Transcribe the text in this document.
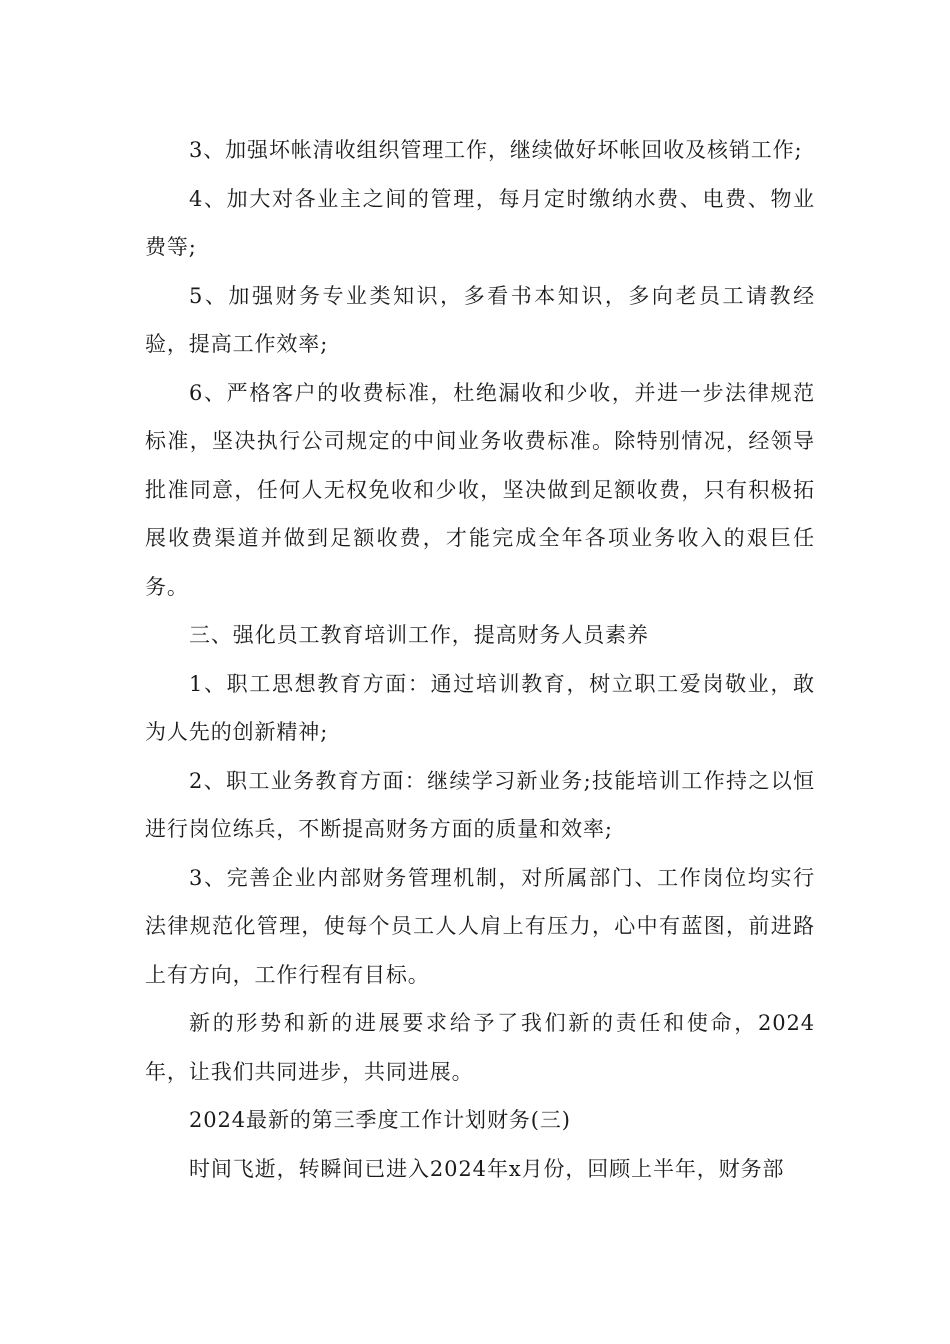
3、加强坏帐清收组织管理工作，继续做好坏帐回收及核销工作;

4、加大对各业主之间的管理，每月定时缴纳水费、电费、物业费等;

5、加强财务专业类知识，多看书本知识，多向老员工请教经验，提高工作效率;

6、严格客户的收费标准，杜绝漏收和少收，并进一步法律规范标准，坚决执行公司规定的中间业务收费标准。除特别情况，经领导批准同意，任何人无权免收和少收，坚决做到足额收费，只有积极拓展收费渠道并做到足额收费，才能完成全年各项业务收入的艰巨任务。

三、强化员工教育培训工作，提高财务人员素养

1、职工思想教育方面：通过培训教育，树立职工爱岗敬业，敢为人先的创新精神;

2、职工业务教育方面：继续学习新业务;技能培训工作持之以恒进行岗位练兵，不断提高财务方面的质量和效率;

3、完善企业内部财务管理机制，对所属部门、工作岗位均实行法律规范化管理，使每个员工人人肩上有压力，心中有蓝图，前进路上有方向，工作行程有目标。

新的形势和新的进展要求给予了我们新的责任和使命，2024年，让我们共同进步，共同进展。

2024最新的第三季度工作计划财务(三)

时间飞逝，转瞬间已进入2024年x月份，回顾上半年，财务部
